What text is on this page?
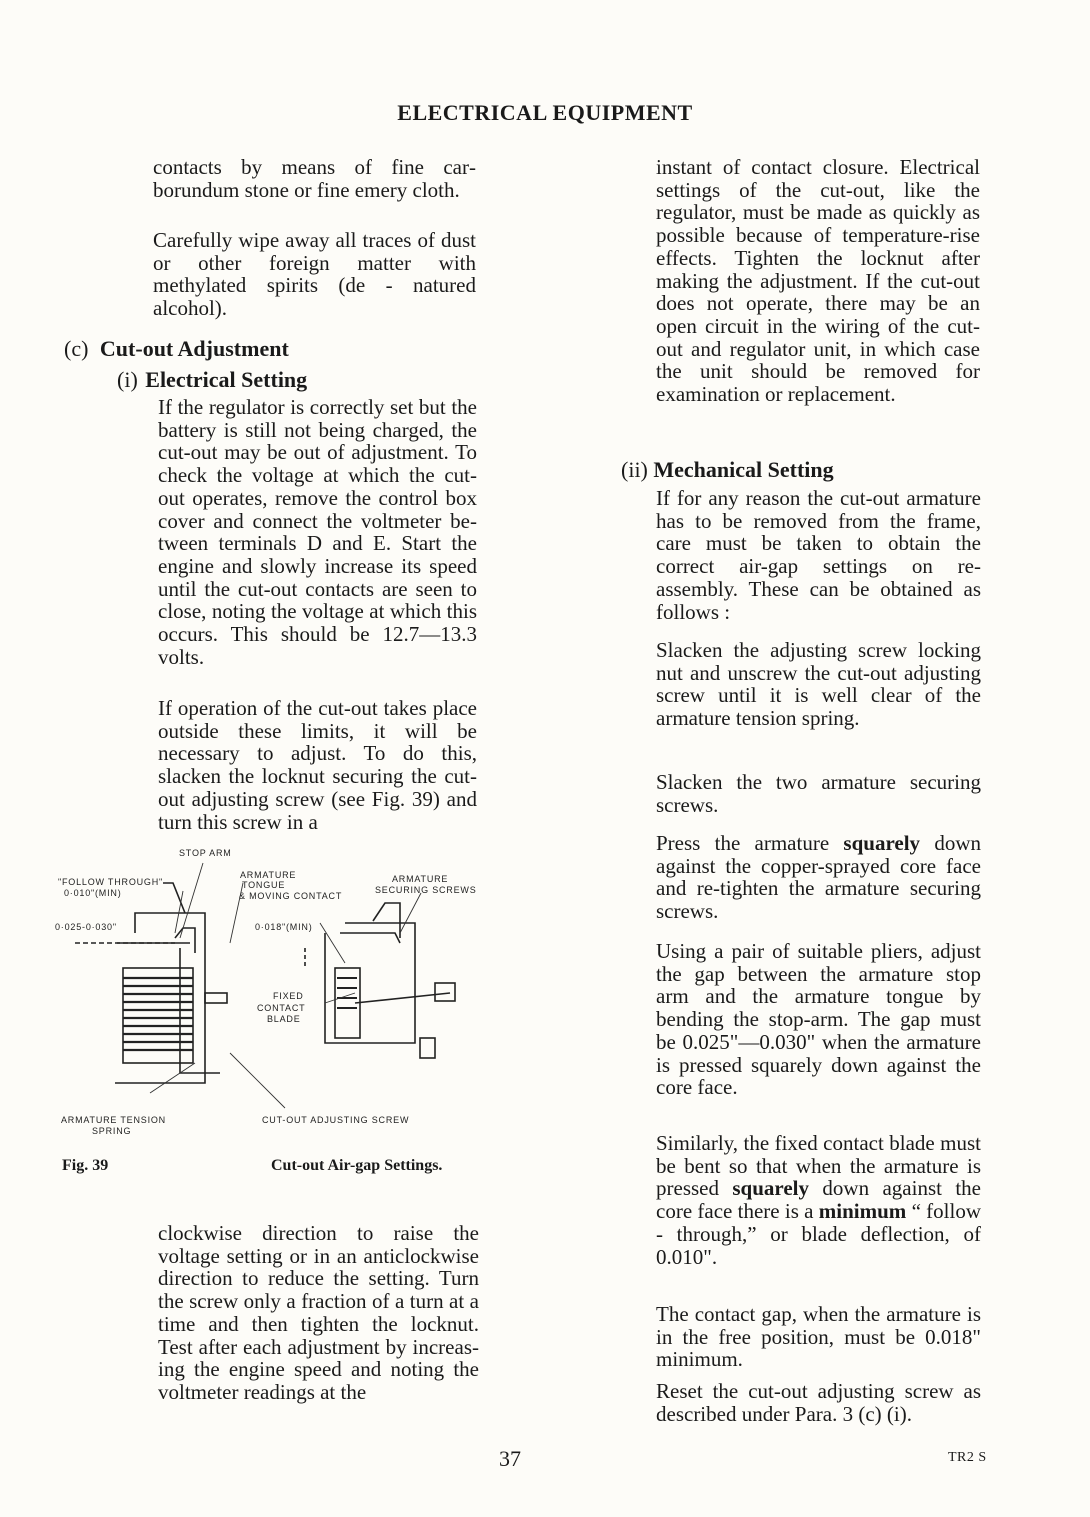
ELECTRICAL EQUIPMENT

contacts by means of fine carborundum stone or fine emery cloth.

Carefully wipe away all traces of dust or other foreign matter with methylated spirits (de - natured alcohol).

(c) Cut-out Adjustment
(i) Electrical Setting

If the regulator is correctly set but the battery is still not being charged, the cut-out may be out of adjustment. To check the voltage at which the cut-out operates, remove the control box cover and connect the voltmeter between terminals D and E. Start the engine and slowly increase its speed until the cut-out contacts are seen to close, noting the voltage at which this occurs. This should be 12.7—13.3 volts.

If operation of the cut-out takes place outside these limits, it will be necessary to adjust. To do this, slacken the locknut securing the cut-out adjusting screw (see Fig. 39) and turn this screw in a

STOP ARM
"FOLLOW THROUGH"
0·010"(MIN)
ARMATURE
TONGUE
& MOVING CONTACT
ARMATURE
SECURING SCREWS
0·025-0·030"	0·018"(MIN)
FIXED
CONTACT
BLADE
ARMATURE TENSION
SPRING
CUT-OUT ADJUSTING SCREW
Fig. 39	Cut-out Air-gap Settings.

clockwise direction to raise the voltage setting or in an anticlockwise direction to reduce the setting. Turn the screw only a fraction of a turn at a time and then tighten the locknut. Test after each adjustment by increasing the engine speed and noting the voltmeter readings at the

instant of contact closure. Electrical settings of the cut-out, like the regulator, must be made as quickly as possible because of temperature-rise effects. Tighten the locknut after making the adjustment. If the cut-out does not operate, there may be an open circuit in the wiring of the cut-out and regulator unit, in which case the unit should be removed for examination or replacement.

(ii) Mechanical Setting

If for any reason the cut-out armature has to be removed from the frame, care must be taken to obtain the correct air-gap settings on re-assembly. These can be obtained as follows :

Slacken the adjusting screw locking nut and unscrew the cut-out adjusting screw until it is well clear of the armature tension spring.

Slacken the two armature securing screws.

Press the armature squarely down against the copper-sprayed core face and re-tighten the armature securing screws.

Using a pair of suitable pliers, adjust the gap between the armature stop arm and the armature tongue by bending the stop-arm. The gap must be 0.025"—0.030" when the armature is pressed squarely down against the core face.

Similarly, the fixed contact blade must be bent so that when the armature is pressed squarely down against the core face there is a minimum “ follow - through,” or blade deflection, of 0.010".

The contact gap, when the armature is in the free position, must be 0.018" minimum.

Reset the cut-out adjusting screw as described under Para. 3 (c) (i).

37	TR2 S
